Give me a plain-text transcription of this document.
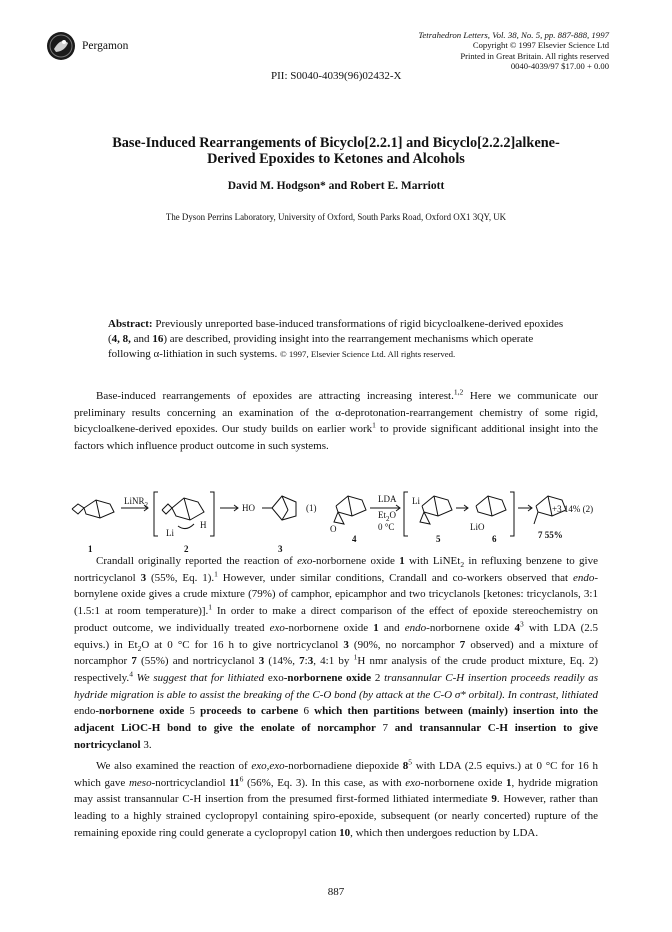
Pergamon
Tetrahedron Letters, Vol. 38, No. 5, pp. 887-888, 1997
Copyright © 1997 Elsevier Science Ltd
Printed in Great Britain. All rights reserved
0040-4039/97 $17.00 + 0.00
PII: S0040-4039(96)02432-X
Base-Induced Rearrangements of Bicyclo[2.2.1] and Bicyclo[2.2.2]alkene-
Derived Epoxides to Ketones and Alcohols
David M. Hodgson* and Robert E. Marriott
The Dyson Perrins Laboratory, University of Oxford, South Parks Road, Oxford OX1 3QY, UK
Abstract: Previously unreported base-induced transformations of rigid bicycloalkene-derived epoxides (4, 8, and 16) are described, providing insight into the rearrangement mechanisms which operate following α-lithiation in such systems. © 1997, Elsevier Science Ltd. All rights reserved.

Base-induced rearrangements of epoxides are attracting increasing interest.$^{1,2}$ Here we communicate our preliminary results concerning an examination of the α-deprotonation-rearrangement chemistry of some rigid, bicycloalkene-derived epoxides. Our study builds on earlier work$^1$ to provide significant additional insight into the factors which influence product outcome in such systems.

LiNR$_2$
Li
H
HO	(1)
LDA
$Et_2O$
0 °C
Li
LiO
O
+3 14% (2)
7 55%
1	2	3
4	5	6

Crandall originally reported the reaction of exo-norbornene oxide 1 with LiNEt$_2$ in refluxing benzene to give nortricyclanol 3 (55%, Eq. 1).$^1$ However, under similar conditions, Crandall and co-workers observed that endo-bornylene oxide gives a crude mixture (79%) of camphor, epicamphor and two tricyclanols [ketones: tricyclanols, 3:1 (1.5:1 at room temperature)].$^1$ In order to make a direct comparison of the effect of epoxide stereochemistry on product outcome, we individually treated exo-norbornene oxide 1 and endo-norbornene oxide $4^3$ with LDA (2.5 equivs.) in $Et_2O$ at 0 °C for 16 h to give nortricyclanol 3 (90%, no norcamphor 7 observed) and a mixture of norcamphor 7 (55%) and nortricyclanol 3 (14%, 7:3, 4:1 by $^1$H nmr analysis of the crude product mixture, Eq. 2) respectively.$^4$ We suggest that for lithiated exo-norbornene oxide 2 transannular C-H insertion proceeds readily as hydride migration is able to assist the breaking of the C-O bond (by attack at the C-O σ* orbital). In contrast, lithiated endo-norbornene oxide 5 proceeds to carbene 6 which then partitions between (mainly) insertion into the adjacent LiOC-H bond to give the enolate of norcamphor 7 and transannular C-H insertion to give nortricyclanol 3.

We also examined the reaction of exo,exo-norbornadiene diepoxide $8^5$ with LDA (2.5 equivs.) at 0 °C for 16 h which gave meso-nortricyclandiol $11^6$ (56%, Eq. 3). In this case, as with exo-norbornene oxide 1, hydride migration may assist transannular C-H insertion from the presumed first-formed lithiated intermediate 9. However, rather than leading to a highly strained cyclopropyl containing spiro-epoxide, subsequent (or nearly concerted) rupture of the remaining epoxide ring could generate a cyclopropyl cation 10, which then undergoes reduction by LDA.

887
